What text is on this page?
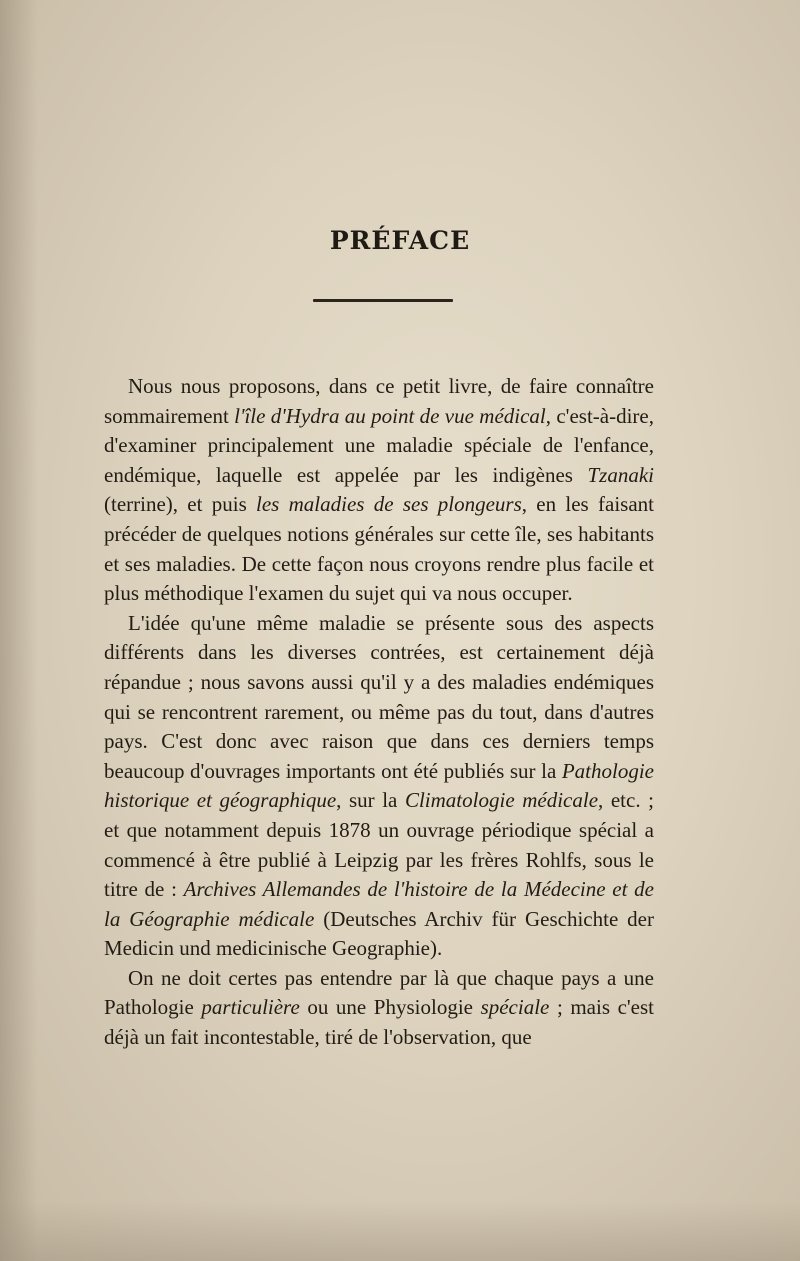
PRÉFACE

Nous nous proposons, dans ce petit livre, de faire connaître sommairement l'île d'Hydra au point de vue médical, c'est-à-dire, d'examiner principalement une maladie spéciale de l'enfance, endémique, laquelle est appelée par les indigènes Tzanaki (terrine), et puis les maladies de ses plongeurs, en les faisant précéder de quelques notions générales sur cette île, ses habitants et ses maladies. De cette façon nous croyons rendre plus facile et plus méthodique l'examen du sujet qui va nous occuper.

L'idée qu'une même maladie se présente sous des aspects différents dans les diverses contrées, est certainement déjà répandue ; nous savons aussi qu'il y a des maladies endémiques qui se rencontrent rarement, ou même pas du tout, dans d'autres pays. C'est donc avec raison que dans ces derniers temps beaucoup d'ouvrages importants ont été publiés sur la Pathologie historique et géographique, sur la Climatologie médicale, etc. ; et que notamment depuis 1878 un ouvrage périodique spécial a commencé à être publié à Leipzig par les frères Rohlfs, sous le titre de : Archives Allemandes de l'histoire de la Médecine et de la Géographie médicale (Deutsches Archiv für Geschichte der Medicin und medicinische Geographie).

On ne doit certes pas entendre par là que chaque pays a une Pathologie particulière ou une Physiologie spéciale ; mais c'est déjà un fait incontestable, tiré de l'observation, que
